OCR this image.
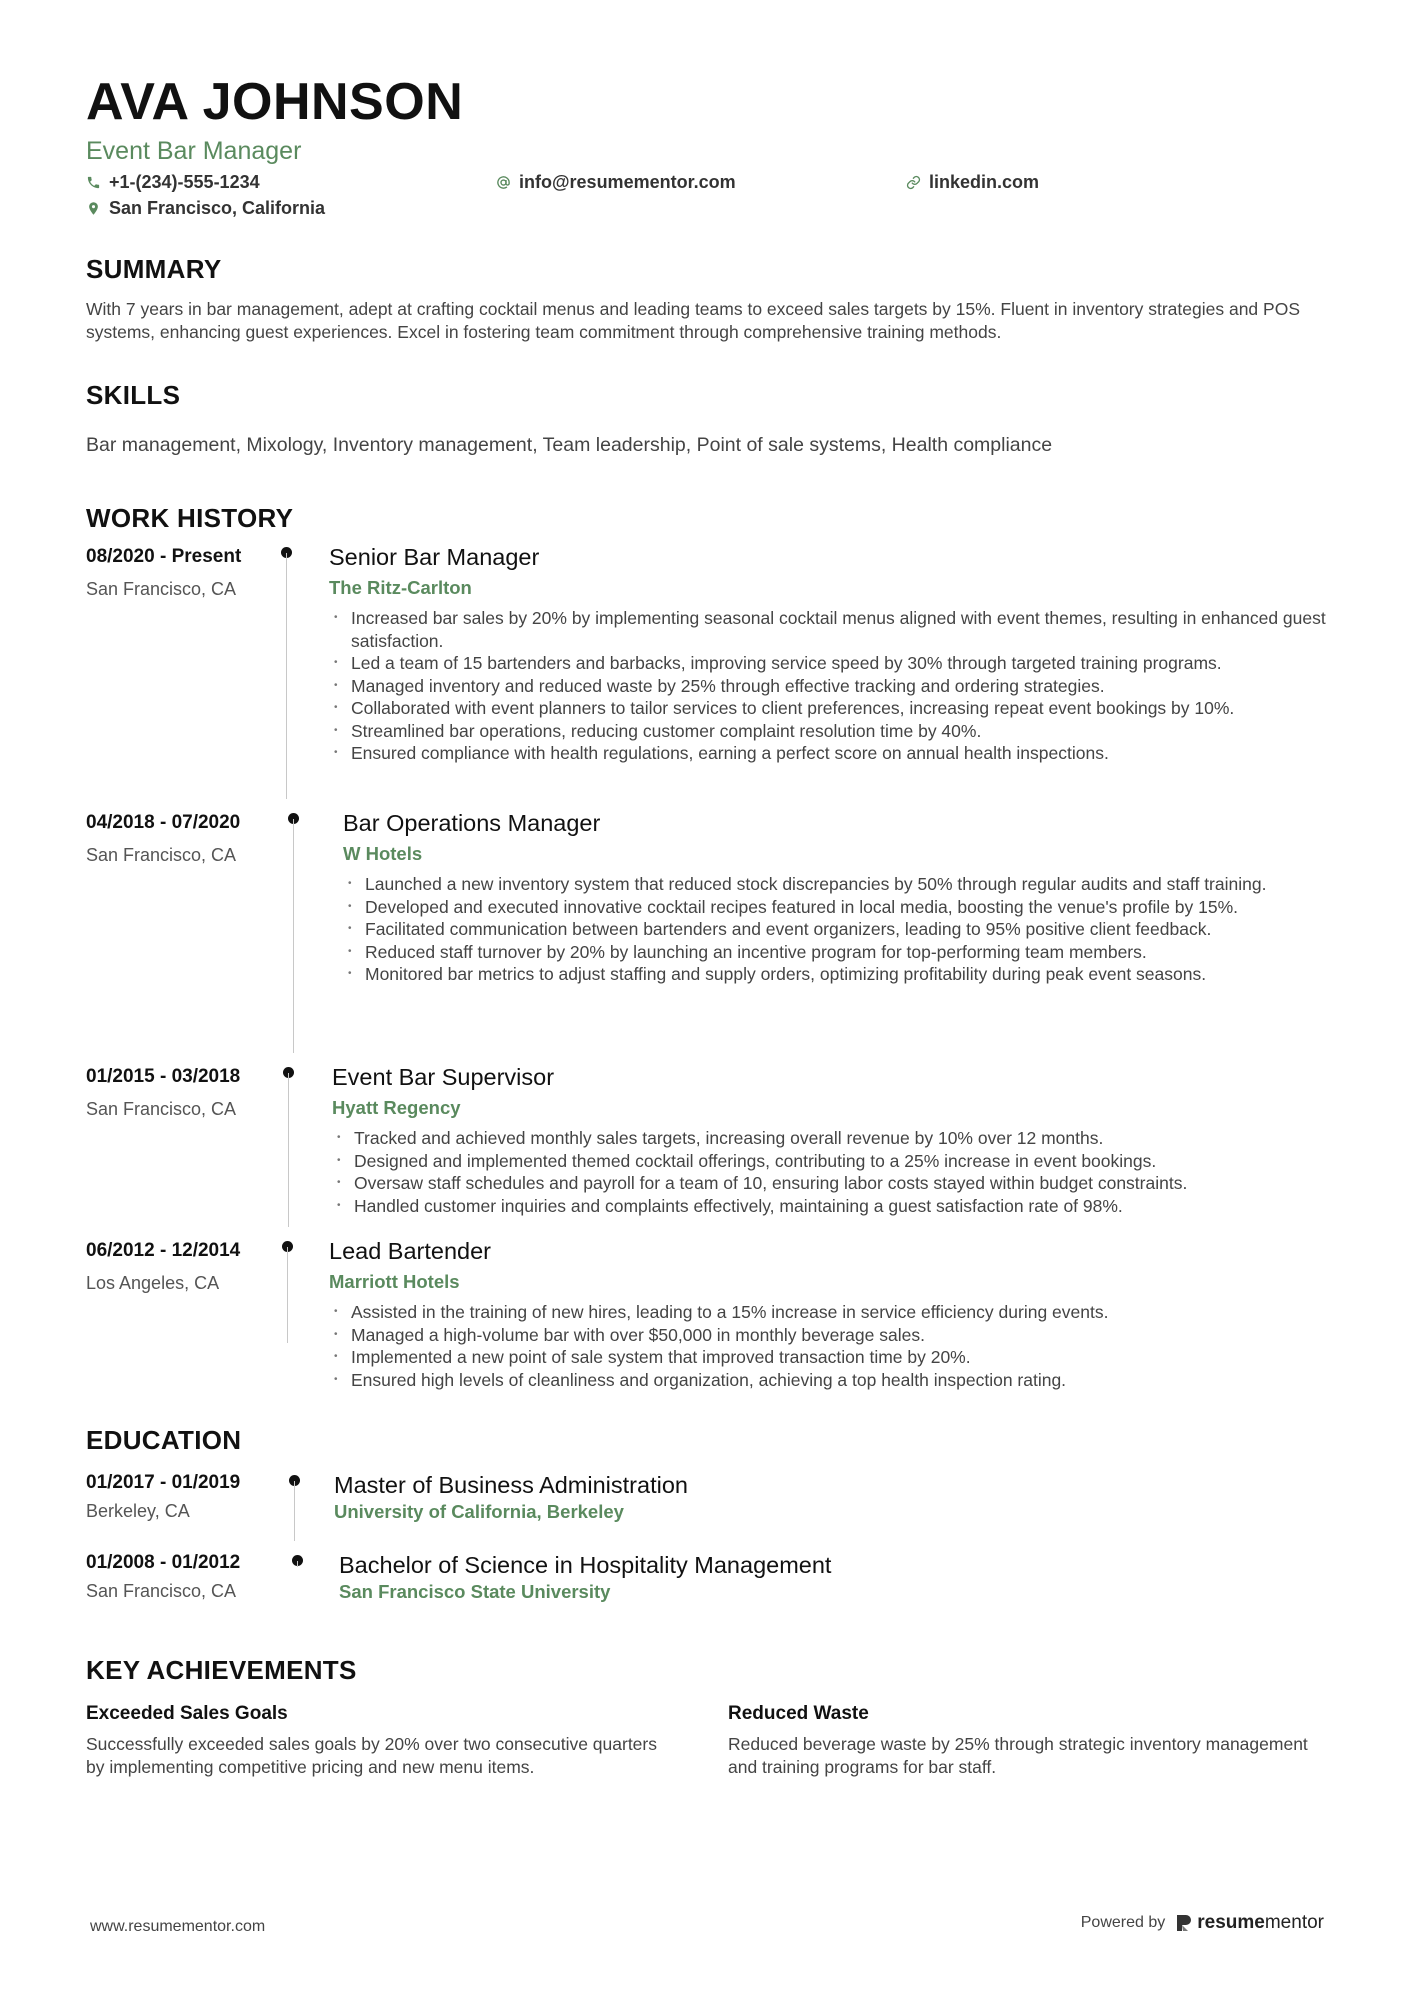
AVA JOHNSON
Event Bar Manager
+1-(234)-555-1234	info@resumementor.com	linkedin.com
San Francisco, California
SUMMARY
With 7 years in bar management, adept at crafting cocktail menus and leading teams to exceed sales targets by 15%. Fluent in inventory strategies and POS systems, enhancing guest experiences. Excel in fostering team commitment through comprehensive training methods.
SKILLS
Bar management, Mixology, Inventory management, Team leadership, Point of sale systems, Health compliance
WORK HISTORY
08/2020 - Present
San Francisco, CA
Senior Bar Manager
The Ritz-Carlton
• Increased bar sales by 20% by implementing seasonal cocktail menus aligned with event themes, resulting in enhanced guest satisfaction.
• Led a team of 15 bartenders and barbacks, improving service speed by 30% through targeted training programs.
• Managed inventory and reduced waste by 25% through effective tracking and ordering strategies.
• Collaborated with event planners to tailor services to client preferences, increasing repeat event bookings by 10%.
• Streamlined bar operations, reducing customer complaint resolution time by 40%.
• Ensured compliance with health regulations, earning a perfect score on annual health inspections.
04/2018 - 07/2020
San Francisco, CA
Bar Operations Manager
W Hotels
• Launched a new inventory system that reduced stock discrepancies by 50% through regular audits and staff training.
• Developed and executed innovative cocktail recipes featured in local media, boosting the venue's profile by 15%.
• Facilitated communication between bartenders and event organizers, leading to 95% positive client feedback.
• Reduced staff turnover by 20% by launching an incentive program for top-performing team members.
• Monitored bar metrics to adjust staffing and supply orders, optimizing profitability during peak event seasons.
01/2015 - 03/2018
San Francisco, CA
Event Bar Supervisor
Hyatt Regency
• Tracked and achieved monthly sales targets, increasing overall revenue by 10% over 12 months.
• Designed and implemented themed cocktail offerings, contributing to a 25% increase in event bookings.
• Oversaw staff schedules and payroll for a team of 10, ensuring labor costs stayed within budget constraints.
• Handled customer inquiries and complaints effectively, maintaining a guest satisfaction rate of 98%.
06/2012 - 12/2014
Los Angeles, CA
Lead Bartender
Marriott Hotels
• Assisted in the training of new hires, leading to a 15% increase in service efficiency during events.
• Managed a high-volume bar with over $50,000 in monthly beverage sales.
• Implemented a new point of sale system that improved transaction time by 20%.
• Ensured high levels of cleanliness and organization, achieving a top health inspection rating.
EDUCATION
01/2017 - 01/2019
Berkeley, CA
Master of Business Administration
University of California, Berkeley
01/2008 - 01/2012
San Francisco, CA
Bachelor of Science in Hospitality Management
San Francisco State University
KEY ACHIEVEMENTS
Exceeded Sales Goals
Successfully exceeded sales goals by 20% over two consecutive quarters by implementing competitive pricing and new menu items.
Reduced Waste
Reduced beverage waste by 25% through strategic inventory management and training programs for bar staff.
www.resumementor.com	Powered by resumementor
